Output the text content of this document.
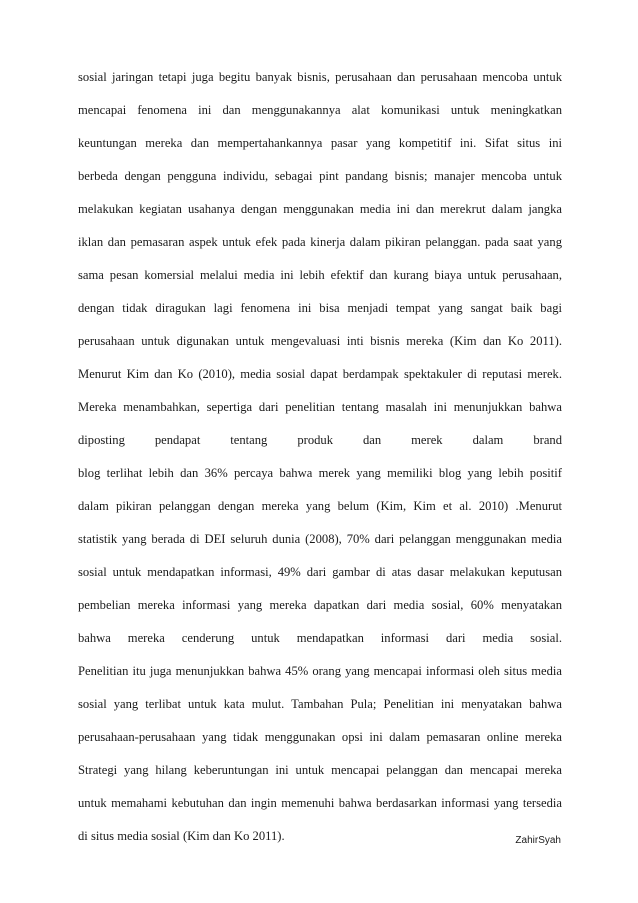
sosial jaringan tetapi juga begitu banyak bisnis, perusahaan dan perusahaan mencoba untuk
mencapai fenomena ini dan menggunakannya alat komunikasi untuk meningkatkan
keuntungan mereka dan mempertahankannya pasar yang kompetitif ini. Sifat situs ini
berbeda dengan pengguna individu, sebagai pint pandang bisnis; manajer mencoba untuk
melakukan kegiatan usahanya dengan menggunakan media ini dan merekrut dalam jangka
iklan dan pemasaran aspek untuk efek pada kinerja dalam pikiran pelanggan. pada saat yang
sama pesan komersial melalui media ini lebih efektif dan kurang biaya untuk perusahaan,
dengan tidak diragukan lagi fenomena ini bisa menjadi tempat yang sangat baik bagi
perusahaan untuk digunakan untuk mengevaluasi inti bisnis mereka (Kim dan Ko 2011).
Menurut Kim dan Ko (2010), media sosial dapat berdampak spektakuler di reputasi merek.
Mereka menambahkan, sepertiga dari penelitian tentang masalah ini menunjukkan bahwa
diposting pendapat tentang produk dan merek dalam brand
blog terlihat lebih dan 36% percaya bahwa merek yang memiliki blog yang lebih positif
dalam pikiran pelanggan dengan mereka yang belum (Kim, Kim et al. 2010) .Menurut
statistik yang berada di DEI seluruh dunia (2008), 70% dari pelanggan menggunakan media
sosial untuk mendapatkan informasi, 49% dari gambar di atas dasar melakukan keputusan
pembelian mereka informasi yang mereka dapatkan dari media sosial, 60% menyatakan
bahwa mereka cenderung untuk mendapatkan informasi dari media sosial.
Penelitian itu juga menunjukkan bahwa 45% orang yang mencapai informasi oleh situs media
sosial yang terlibat untuk kata mulut. Tambahan Pula; Penelitian ini menyatakan bahwa
perusahaan-perusahaan yang tidak menggunakan opsi ini dalam pemasaran online mereka
Strategi yang hilang keberuntungan ini untuk mencapai pelanggan dan mencapai mereka
untuk memahami kebutuhan dan ingin memenuhi bahwa berdasarkan informasi yang tersedia
di situs media sosial (Kim dan Ko 2011).	ZahirSyah
